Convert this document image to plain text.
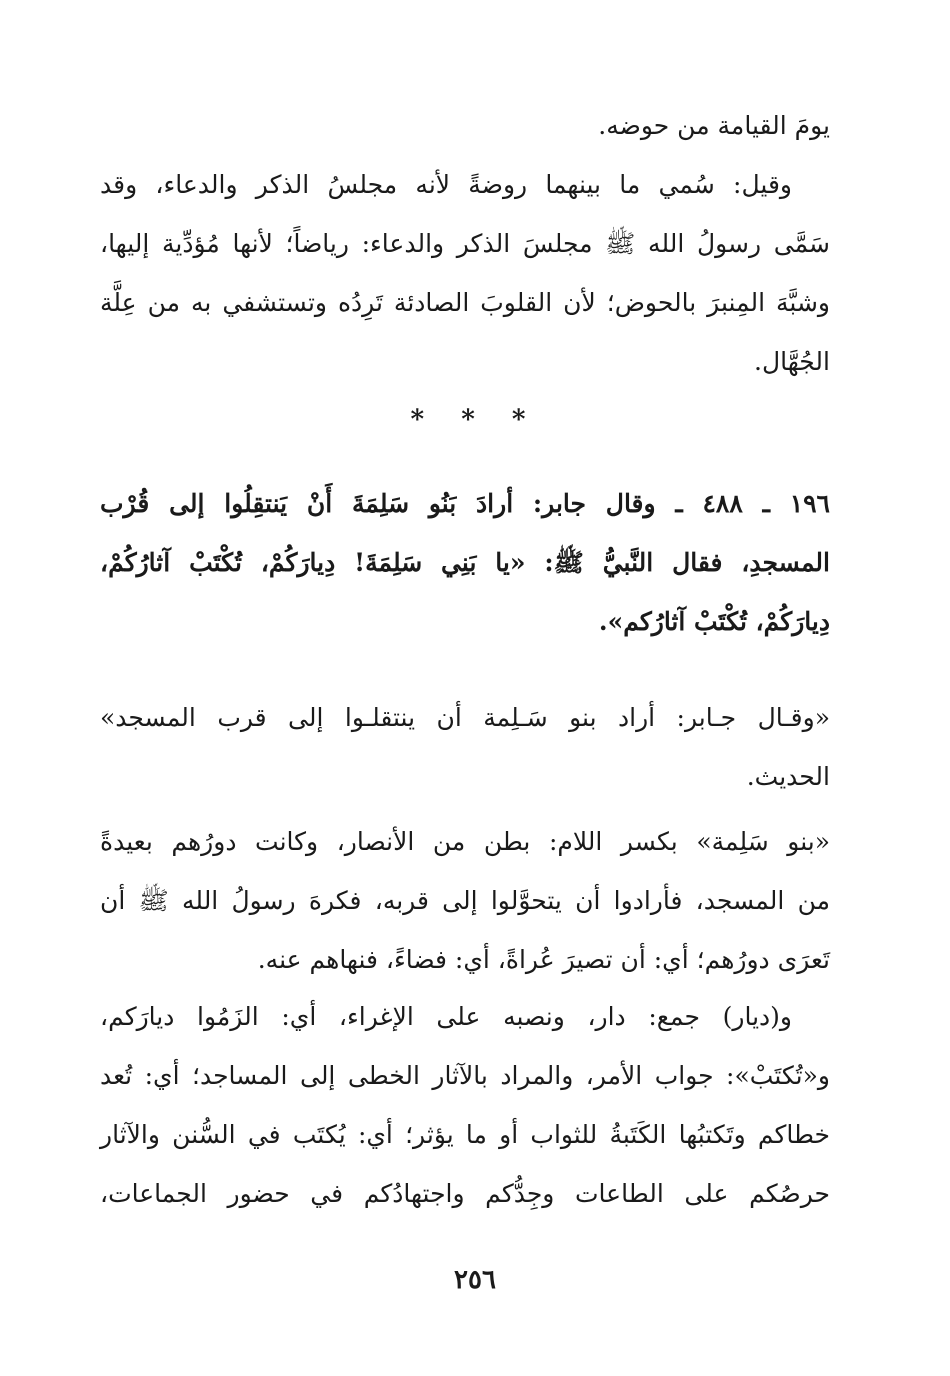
يومَ القيامة من حوضه.
وقيل: سُمي ما بينهما روضةً لأنه مجلسُ الذكر والدعاء، وقد
سَمَّى رسولُ الله ﷺ مجلسَ الذكر والدعاء: رياضاً؛ لأنها مُؤدِّية إليها،
وشبَّهَ المِنبرَ بالحوض؛ لأن القلوبَ الصادئة تَرِدُه وتستشفي به من عِلَّة
الجُهَّال.
* * *
١٩٦ ـ ٤٨٨ ـ وقال جابر: أرادَ بَنُو سَلِمَةَ أَنْ يَنتقِلُوا إلى قُرْب
المسجدِ، فقال النَّبيُّ ﷺ: «يا بَنِي سَلِمَةَ! دِيارَكُمْ، تُكْتَبْ آثارُكُمْ،
دِيارَكُمْ، تُكْتَبْ آثارُكم».
«وقـال جـابر: أراد بنو سَـلِمة أن ينتقلـوا إلى قرب المسجد»
الحديث.
«بنو سَلِمة» بكسر اللام: بطن من الأنصار، وكانت دورُهم بعيدةً
من المسجد، فأرادوا أن يتحوَّلوا إلى قربه، فكرهَ رسولُ الله ﷺ أن
تَعرَى دورُهم؛ أي: أن تصيرَ عُراةً، أي: فضاءً، فنهاهم عنه.
و(ديار) جمع: دار، ونصبه على الإغراء، أي: الزَمُوا ديارَكم،
و«تُكتَبْ»: جواب الأمر، والمراد بالآثار الخطى إلى المساجد؛ أي: تُعد
خطاكم وتَكتبُها الكَتَبةُ للثواب أو ما يؤثر؛ أي: يُكتَب في السُّنن والآثار
حرصُكم على الطاعات وجِدُّكم واجتهادُكم في حضور الجماعات،
٢٥٦
